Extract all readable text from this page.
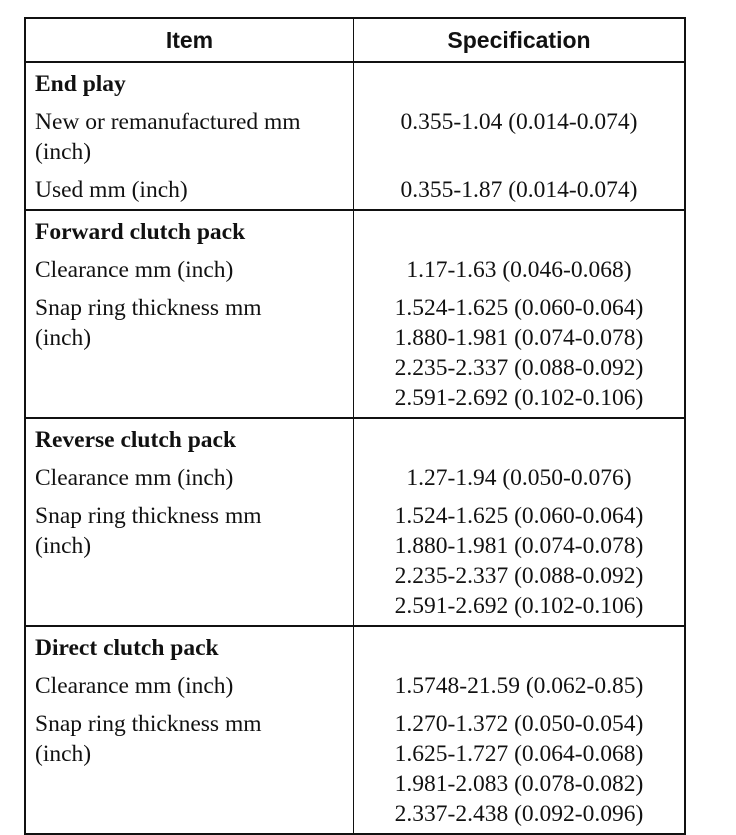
Item	Specification
End play	

New or remanufactured mm
(inch)	0.355-1.04 (0.014-0.074)

Used mm (inch)	0.355-1.87 (0.014-0.074)

Forward clutch pack	

Clearance mm (inch)	1.17-1.63 (0.046-0.068)

Snap ring thickness mm
(inch)	1.524-1.625 (0.060-0.064)
1.880-1.981 (0.074-0.078)
2.235-2.337 (0.088-0.092)
2.591-2.692 (0.102-0.106)

Reverse clutch pack	

Clearance mm (inch)	1.27-1.94 (0.050-0.076)

Snap ring thickness mm
(inch)	1.524-1.625 (0.060-0.064)
1.880-1.981 (0.074-0.078)
2.235-2.337 (0.088-0.092)
2.591-2.692 (0.102-0.106)

Direct clutch pack	

Clearance mm (inch)	1.5748-21.59 (0.062-0.85)

Snap ring thickness mm
(inch)	1.270-1.372 (0.050-0.054)
1.625-1.727 (0.064-0.068)
1.981-2.083 (0.078-0.082)
2.337-2.438 (0.092-0.096)
